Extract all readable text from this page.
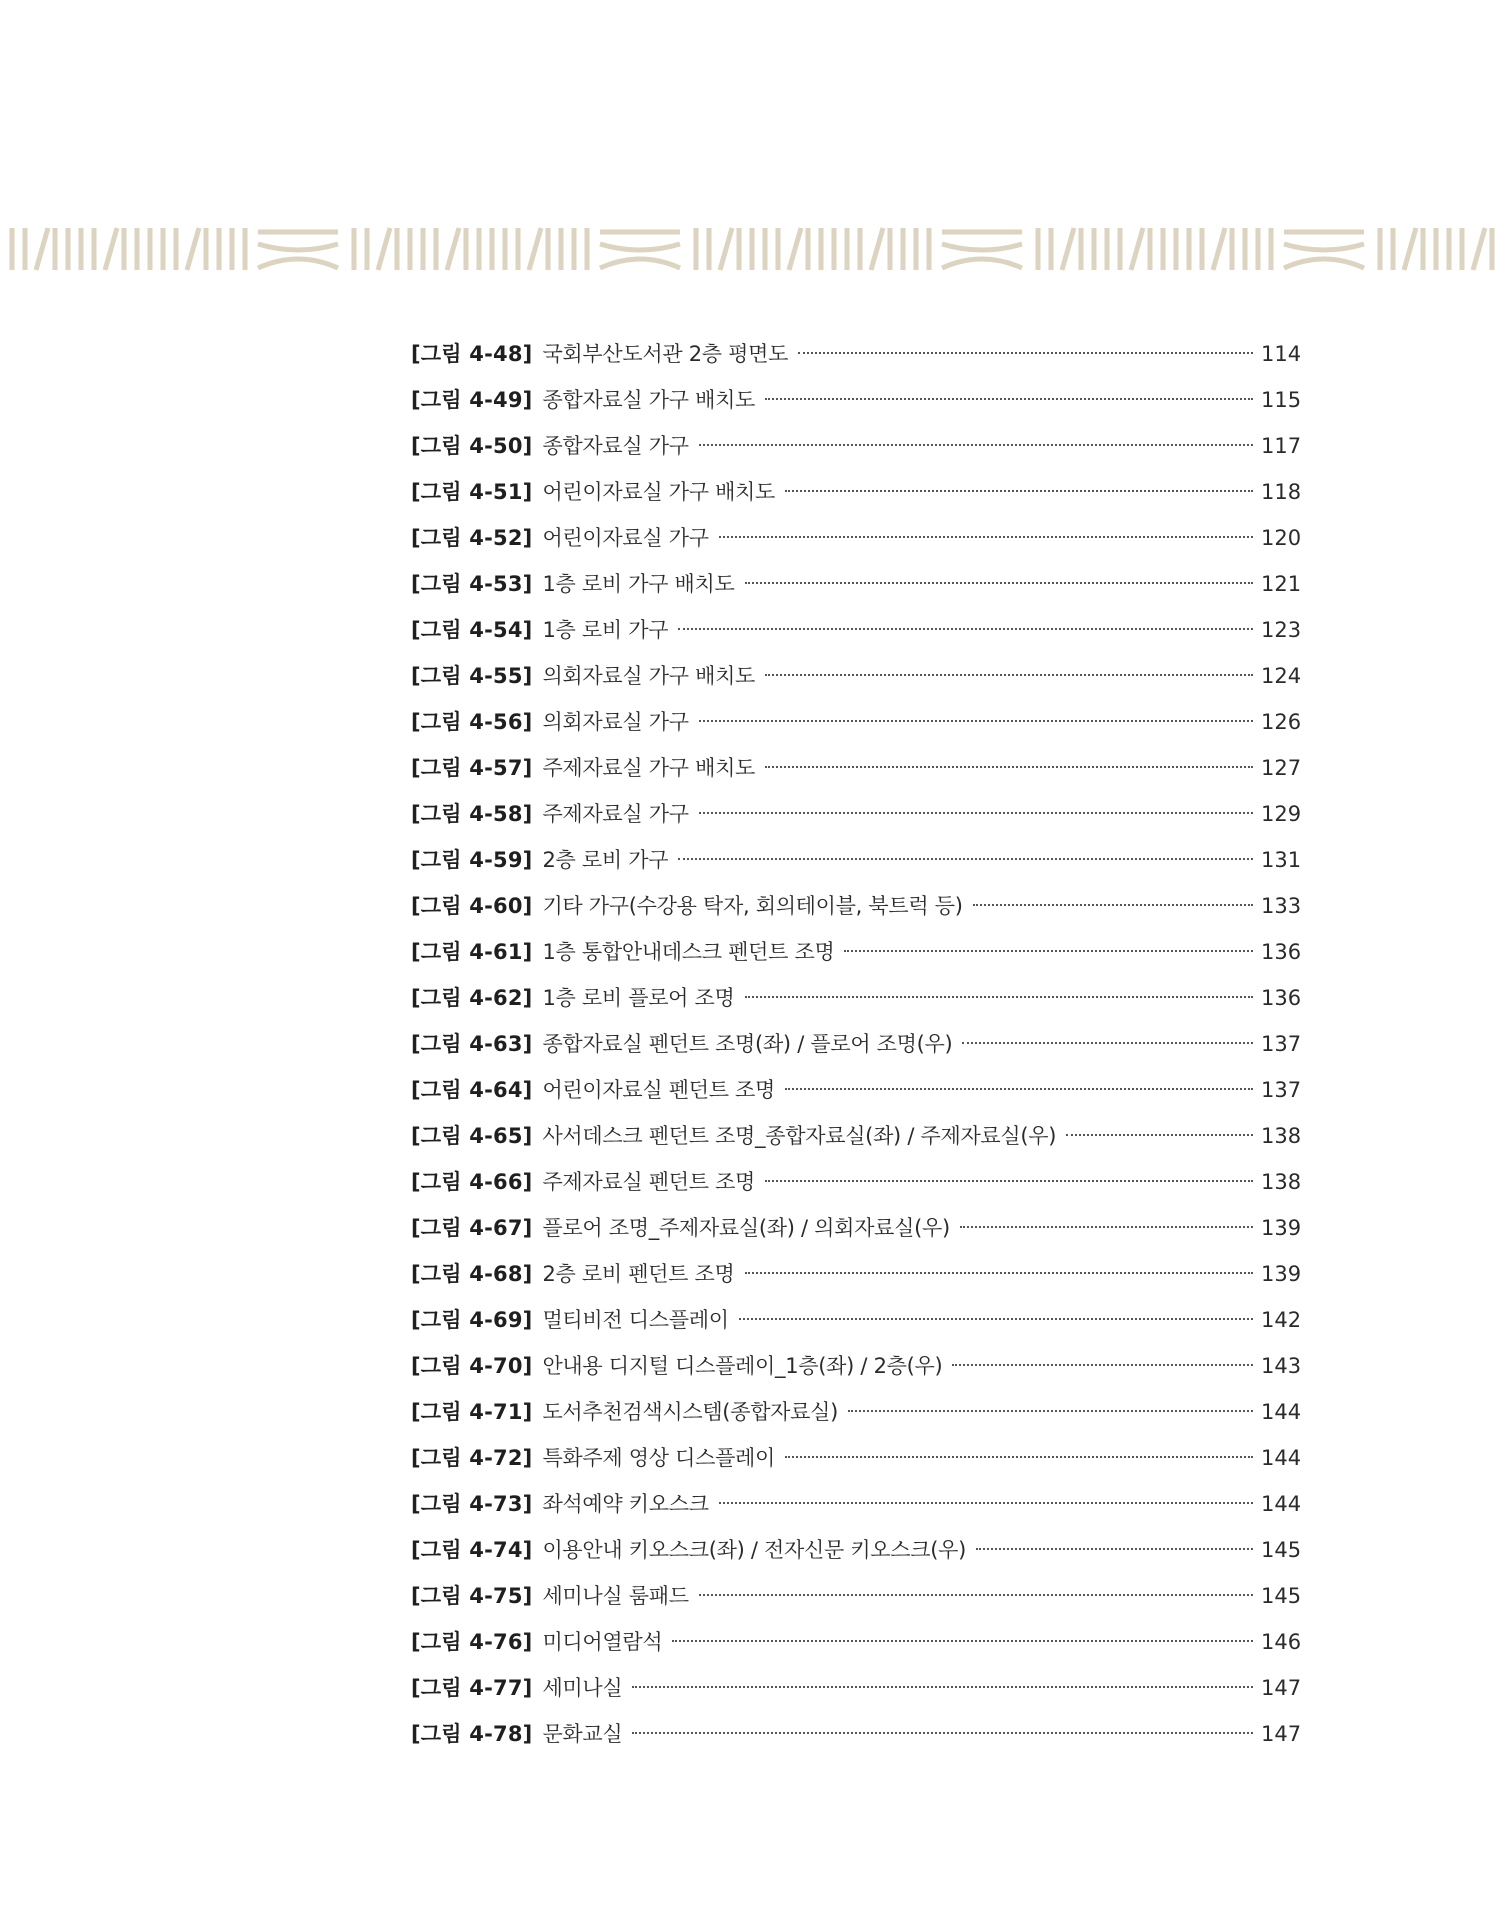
[그림 4-48] 국회부산도서관 2층 평면도	114
[그림 4-49] 종합자료실 가구 배치도	115
[그림 4-50] 종합자료실 가구	117
[그림 4-51] 어린이자료실 가구 배치도	118
[그림 4-52] 어린이자료실 가구	120
[그림 4-53] 1층 로비 가구 배치도	121
[그림 4-54] 1층 로비 가구	123
[그림 4-55] 의회자료실 가구 배치도	124
[그림 4-56] 의회자료실 가구	126
[그림 4-57] 주제자료실 가구 배치도	127
[그림 4-58] 주제자료실 가구	129
[그림 4-59] 2층 로비 가구	131
[그림 4-60] 기타 가구(수강용 탁자, 회의테이블, 북트럭 등)	133
[그림 4-61] 1층 통합안내데스크 펜던트 조명	136
[그림 4-62] 1층 로비 플로어 조명	136
[그림 4-63] 종합자료실 펜던트 조명(좌) / 플로어 조명(우)	137
[그림 4-64] 어린이자료실 펜던트 조명	137
[그림 4-65] 사서데스크 펜던트 조명_종합자료실(좌) / 주제자료실(우)	138
[그림 4-66] 주제자료실 펜던트 조명	138
[그림 4-67] 플로어 조명_주제자료실(좌) / 의회자료실(우)	139
[그림 4-68] 2층 로비 펜던트 조명	139
[그림 4-69] 멀티비전 디스플레이	142
[그림 4-70] 안내용 디지털 디스플레이_1층(좌) / 2층(우)	143
[그림 4-71] 도서추천검색시스템(종합자료실)	144
[그림 4-72] 특화주제 영상 디스플레이	144
[그림 4-73] 좌석예약 키오스크	144
[그림 4-74] 이용안내 키오스크(좌) / 전자신문 키오스크(우)	145
[그림 4-75] 세미나실 룸패드	145
[그림 4-76] 미디어열람석	146
[그림 4-77] 세미나실	147
[그림 4-78] 문화교실	147
